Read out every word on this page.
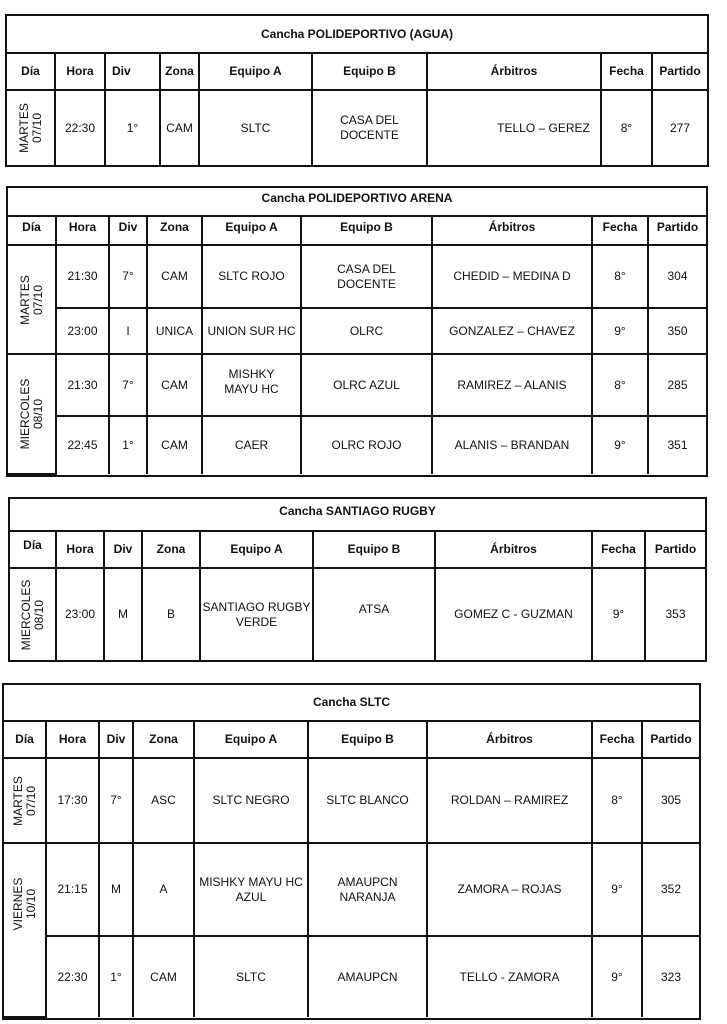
Cancha POLIDEPORTIVO (AGUA)								
Día	Hora	Div	Zona	Equipo A	Equipo B	Árbitros	Fecha	Partido

MARTES 07/10	22:30	1°	CAM	SLTC	CASA DEL DOCENTE	TELLO – GEREZ	8°	277
Cancha POLIDEPORTIVO ARENA								
Día	Hora	Div	Zona	Equipo A	Equipo B	Árbitros	Fecha	Partido

MARTES 07/10	21:30	7°	CAM	SLTC ROJO	CASA DEL DOCENTE	CHEDID – MEDINA D	8°	304
	23:00	I	UNICA	UNION SUR HC	OLRC	GONZALEZ – CHAVEZ	9°	350

MIERCOLES 08/10	21:30	7°	CAM	MISHKY MAYU HC	OLRC AZUL	RAMIREZ – ALANIS	8°	285
	22:45	1°	CAM	CAER	OLRC ROJO	ALANIS – BRANDAN	9°	351
Cancha SANTIAGO RUGBY								
Día	Hora	Div	Zona	Equipo A	Equipo B	Árbitros	Fecha	Partido

MIERCOLES 08/10	23:00	M	B	SANTIAGO RUGBY VERDE	ATSA	GOMEZ C - GUZMAN	9°	353
Cancha SLTC								
Día	Hora	Div	Zona	Equipo A	Equipo B	Árbitros	Fecha	Partido

MARTES 07/10	17:30	7°	ASC	SLTC NEGRO	SLTC BLANCO	ROLDAN – RAMIREZ	8°	305

VIERNES 10/10	21:15	M	A	MISHKY MAYU HC AZUL	AMAUPCN NARANJA	ZAMORA – ROJAS	9°	352
	22:30	1°	CAM	SLTC	AMAUPCN	TELLO - ZAMORA	9°	323
